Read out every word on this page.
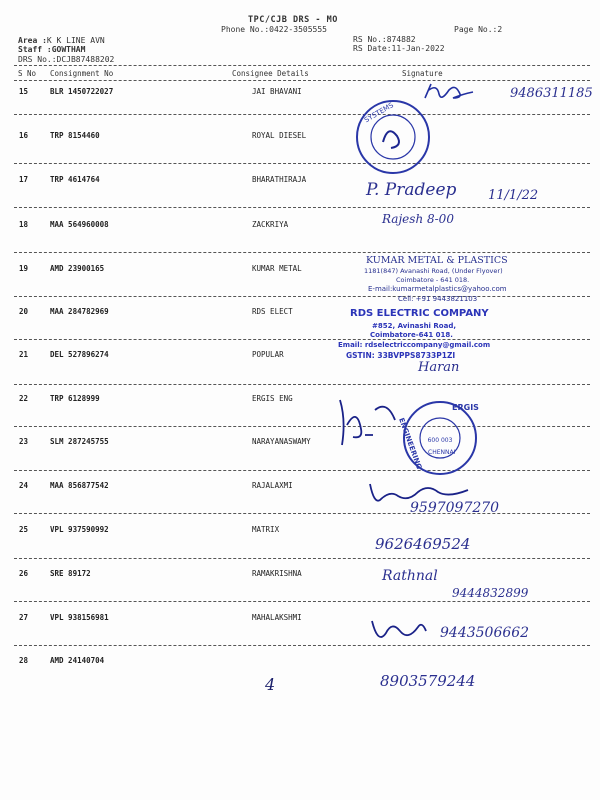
TPC/CJB DRS - MO
Phone No.:0422-3505555	Page No.:2
Area :K K LINE AVN
Staff :GOWTHAM
DRS No.:DCJB87488202
RS No.:874882
RS Date:11-Jan-2022
S No Consignment No	Consignee Details	Signature
15	BLR 1450722027	JAI BHAVANI
16	TRP 8154460	ROYAL DIESEL
17	TRP 4614764	BHARATHIRAJA
18	MAA 564960008	ZACKRIYA
19	AMD 23900165	KUMAR METAL
20	MAA 284782969	RDS ELECT
21	DEL 527896274	POPULAR
22	TRP 6128999	ERGIS ENG
23	SLM 287245755	NARAYANASWAMY
24	MAA 856877542	RAJALAXMI
25	VPL 937590992	MATRIX
26	SRE 89172	RAMAKRISHNA
27	VPL 938156981	MAHALAKSHMI
28	AMD 24140704
SYSTEMS
ERGIS
600 003
CHENNAI
ENGINEERING
KUMAR METAL & PLASTICS
1181(847) Avanashi Road, (Under Flyover)
Coimbatore - 641 018.
E-mail:kumarmetalplastics@yahoo.com
Cell: +91 9443821103
RDS ELECTRIC COMPANY
#852, Avinashi Road,
Coimbatore-641 018.
Email: rdselectriccompany@gmail.com
GSTIN: 33BVPPS8733P1ZI
9486311185
P. Pradeep 11/1/22
Rajesh 8-00
Haran
9597097270
9626469524
Rathnal
9444832899
9443506662
8903579244
4
